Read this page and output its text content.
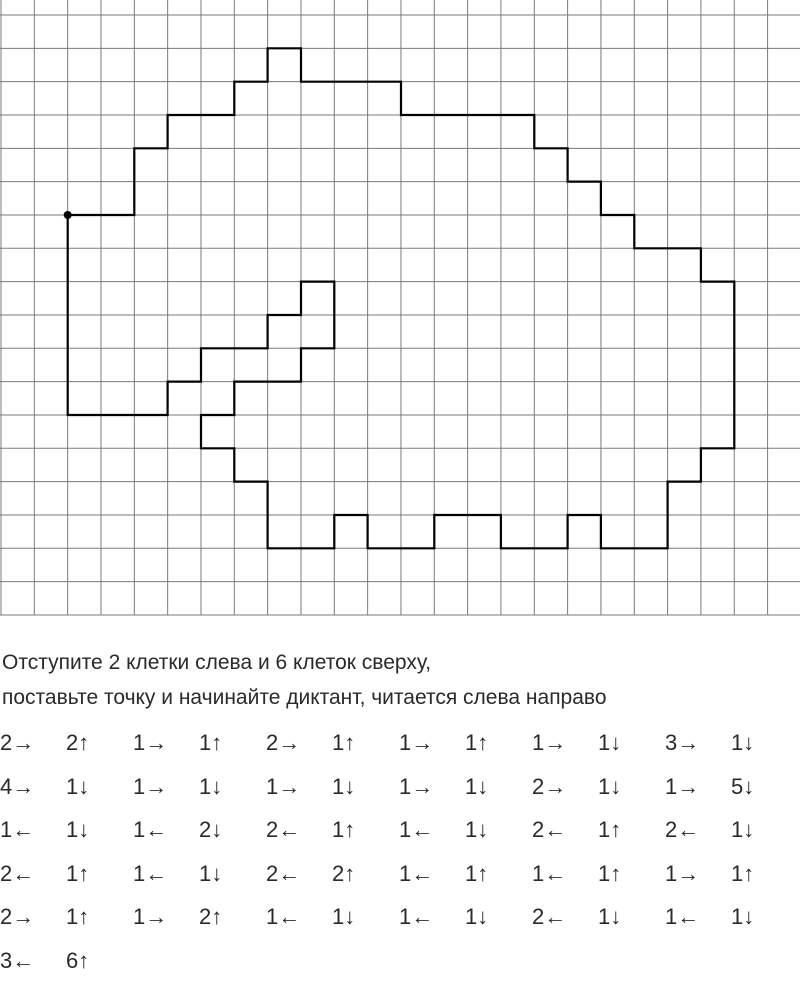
Отступите 2 клетки слева и 6 клеток сверху,
поставьте точку и начинайте диктант, читается слева направо
2→ 2↑ 1→ 1↑ 2→ 1↑ 1→ 1↑ 1→ 1↓ 3→ 1↓
4→ 1↓ 1→ 1↓ 1→ 1↓ 1→ 1↓ 2→ 1↓ 1→ 5↓
1← 1↓ 1← 2↓ 2← 1↑ 1← 1↓ 2← 1↑ 2← 1↓
2← 1↑ 1← 1↓ 2← 2↑ 1← 1↑ 1← 1↑ 1→ 1↑
2→ 1↑ 1→ 2↑ 1← 1↓ 1← 1↓ 2← 1↓ 1← 1↓
3← 6↑
